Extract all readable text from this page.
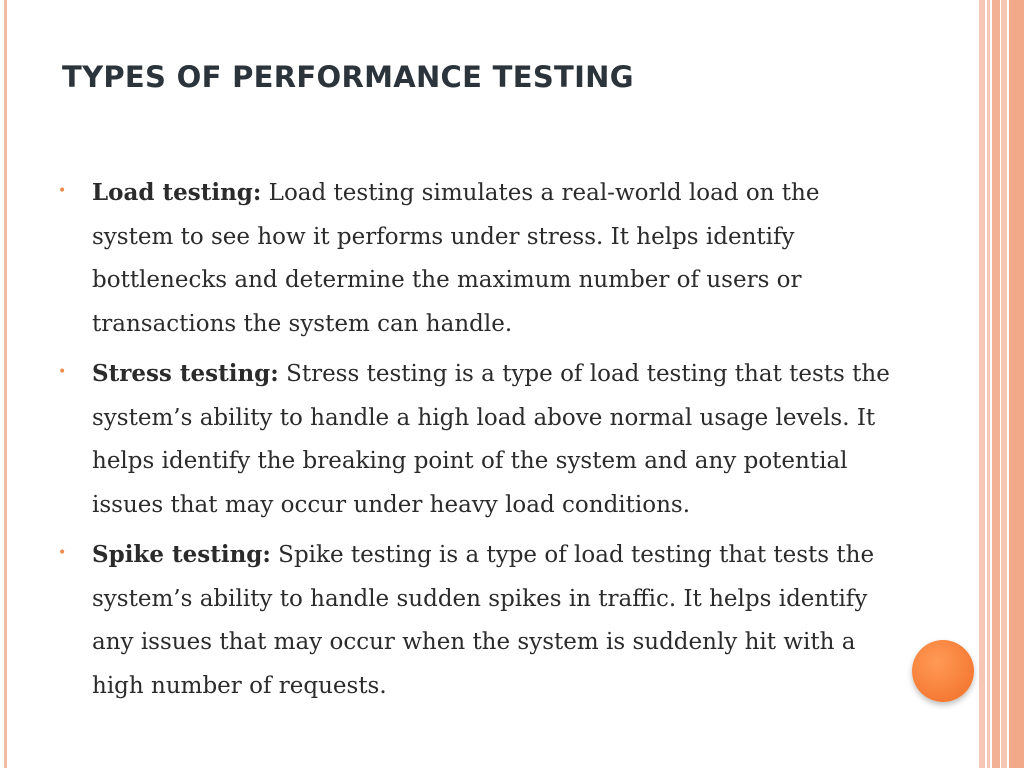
TYPES OF PERFORMANCE TESTING
• Load testing: Load testing simulates a real-world load on the system to see how it performs under stress. It helps identify bottlenecks and determine the maximum number of users or transactions the system can handle.
• Stress testing: Stress testing is a type of load testing that tests the system’s ability to handle a high load above normal usage levels. It helps identify the breaking point of the system and any potential issues that may occur under heavy load conditions.
• Spike testing: Spike testing is a type of load testing that tests the system’s ability to handle sudden spikes in traffic. It helps identify any issues that may occur when the system is suddenly hit with a high number of requests.
